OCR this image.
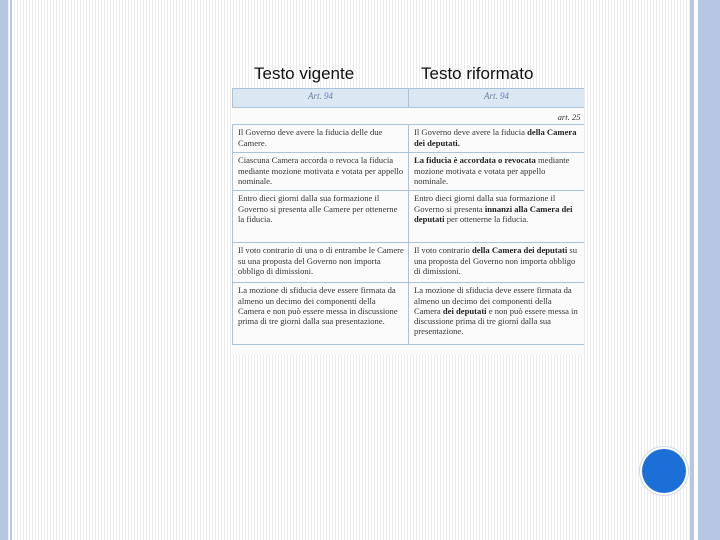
Testo vigente	Testo riformato
Art. 94	Art. 94
	art. 25
Il Governo deve avere la fiducia delle due Camere.	Il Governo deve avere la fiducia della Camera dei deputati.
Ciascuna Camera accorda o revoca la fiducia mediante mozione motivata e votata per appello nominale.	La fiducia è accordata o revocata mediante mozione motivata e votata per appello nominale.
Entro dieci giorni dalla sua formazione il Governo si presenta alle Camere per ottenerne la fiducia.	Entro dieci giorni dalla sua formazione il Governo si presenta innanzi alla Camera dei deputati per ottenerne la fiducia.
Il voto contrario di una o di entrambe le Camere su una proposta del Governo non importa obbligo di dimissioni.	Il voto contrario della Camera dei deputati su una proposta del Governo non importa obbligo di dimissioni.
La mozione di sfiducia deve essere firmata da almeno un decimo dei componenti della Camera e non può essere messa in discussione prima di tre giorni dalla sua presentazione.	La mozione di sfiducia deve essere firmata da almeno un decimo dei componenti della Camera dei deputati e non può essere messa in discussione prima di tre giorni dalla sua presentazione.
